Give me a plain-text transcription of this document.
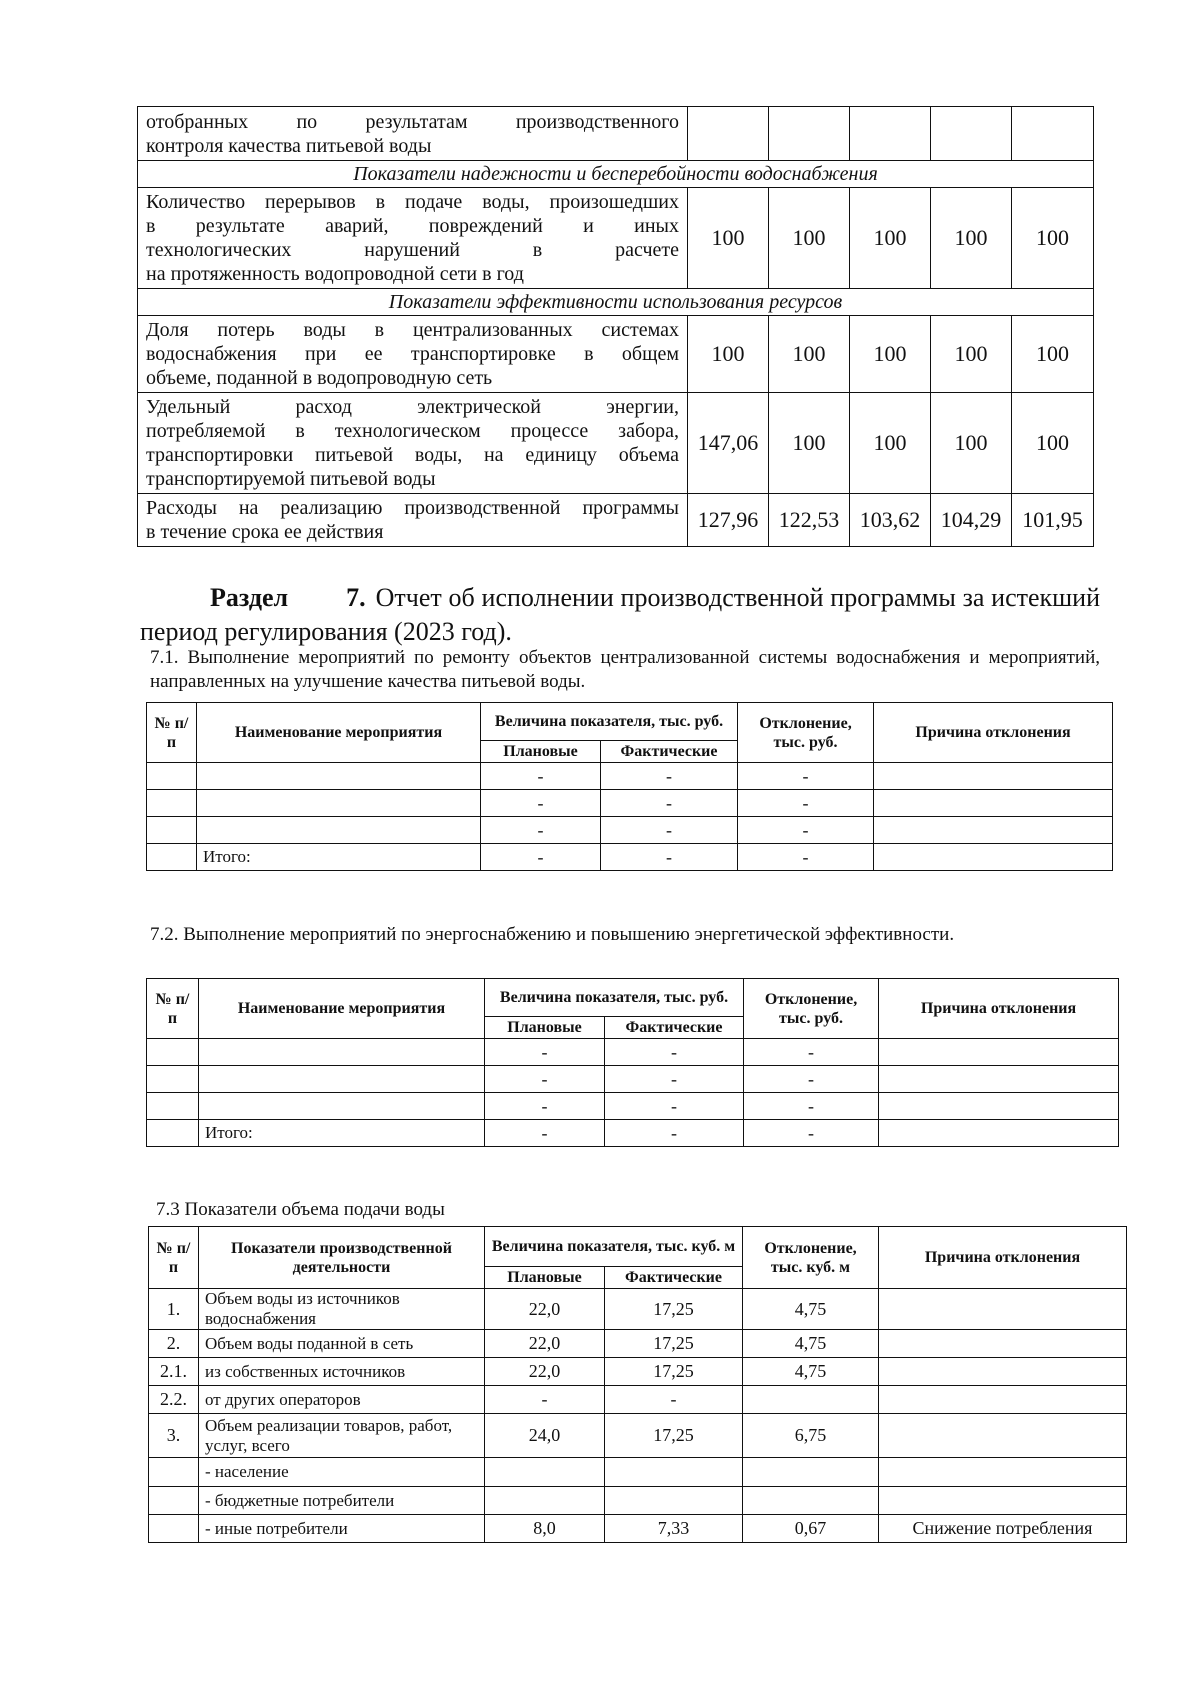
отобранных по результатам производственного
контроля качества питьевой воды					

Показатели надежности и бесперебойности водоснабжения					

Количество перерывов в подаче воды, произошедших
в результате аварий, повреждений и иных
технологических нарушений в расчете
на протяженность водопроводной сети в год	100	100	100	100	100
Показатели эффективности использования ресурсов					

Доля потерь воды в централизованных системах
водоснабжения при ее транспортировке в общем
объеме, поданной в водопроводную сеть	100	100	100	100	100

Удельный расход электрической энергии,
потребляемой в технологическом процессе забора,
транспортировки питьевой воды, на единицу объема
транспортируемой питьевой воды	147,06	100	100	100	100

Расходы на реализацию производственной программы
в течение срока ее действия	127,96	122,53	103,62	104,29	101,95
Раздел 7. Отчет об исполнении производственной программы за истекший период регулирования (2023 год).
7.1. Выполнение мероприятий по ремонту объектов централизованной системы водоснабжения и мероприятий, направленных на улучшение качества питьевой воды.
№ п/п	Наименование мероприятия	Величина показателя, тыс. руб.		Отклонение, тыс. руб.	Причина отклонения
		Плановые	Фактические		
		-	-	-	
		-	-	-	
		-	-	-	
	Итого:	-	-	-	
7.2. Выполнение мероприятий по энергоснабжению и повышению энергетической эффективности.
№ п/п	Наименование мероприятия	Величина показателя, тыс. руб.		Отклонение, тыс. руб.	Причина отклонения
		Плановые	Фактические		
		-	-	-	
		-	-	-	
		-	-	-	
	Итого:	-	-	-	
7.3 Показатели объема подачи воды
№ п/п	Показатели производственной деятельности	Величина показателя, тыс. куб. м		Отклонение, тыс. куб. м	Причина отклонения
		Плановые	Фактические		
1.	Объем воды из источников водоснабжения	22,0	17,25	4,75	
2.	Объем воды поданной в сеть	22,0	17,25	4,75	
2.1.	из собственных источников	22,0	17,25	4,75	
2.2.	от других операторов	-	-		
3.	Объем реализации товаров, работ, услуг, всего	24,0	17,25	6,75	
	- население				
	- бюджетные потребители				
	- иные потребители	8,0	7,33	0,67	Снижение потребления
